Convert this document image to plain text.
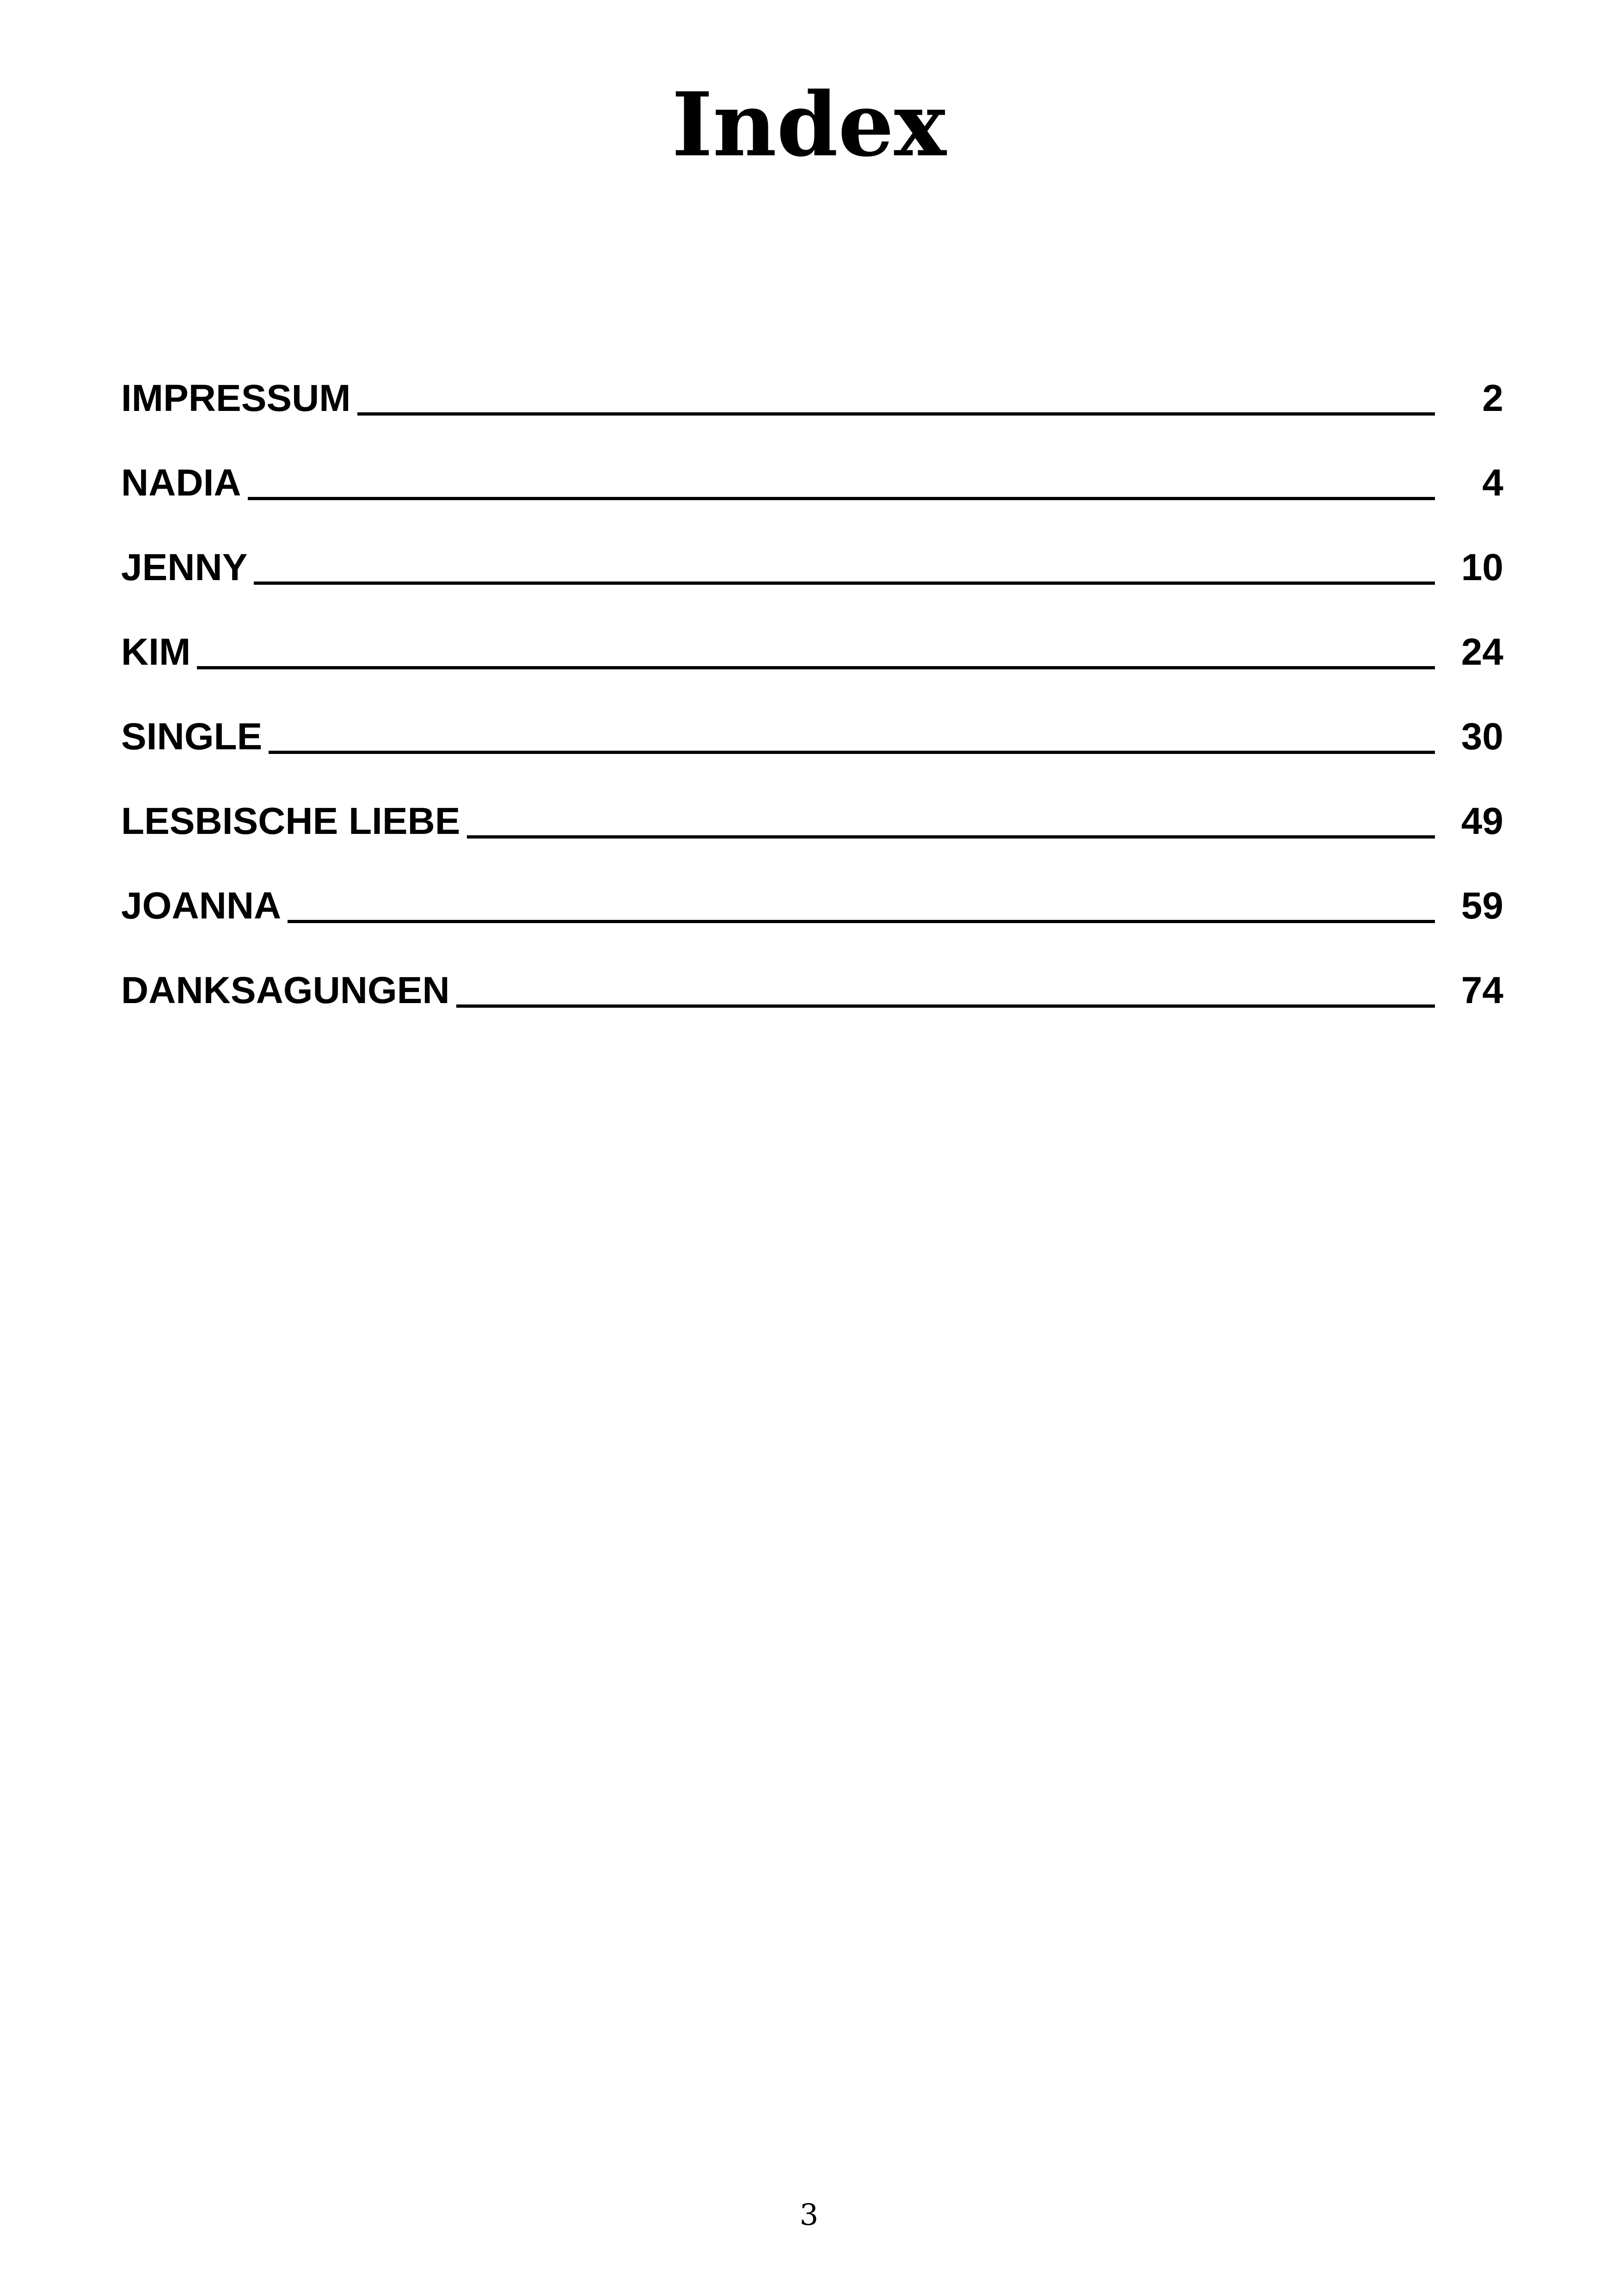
Index
IMPRESSUM	2
NADIA	4
JENNY	10
KIM	24
SINGLE	30
LESBISCHE LIEBE	49
JOANNA	59
DANKSAGUNGEN	74
3
